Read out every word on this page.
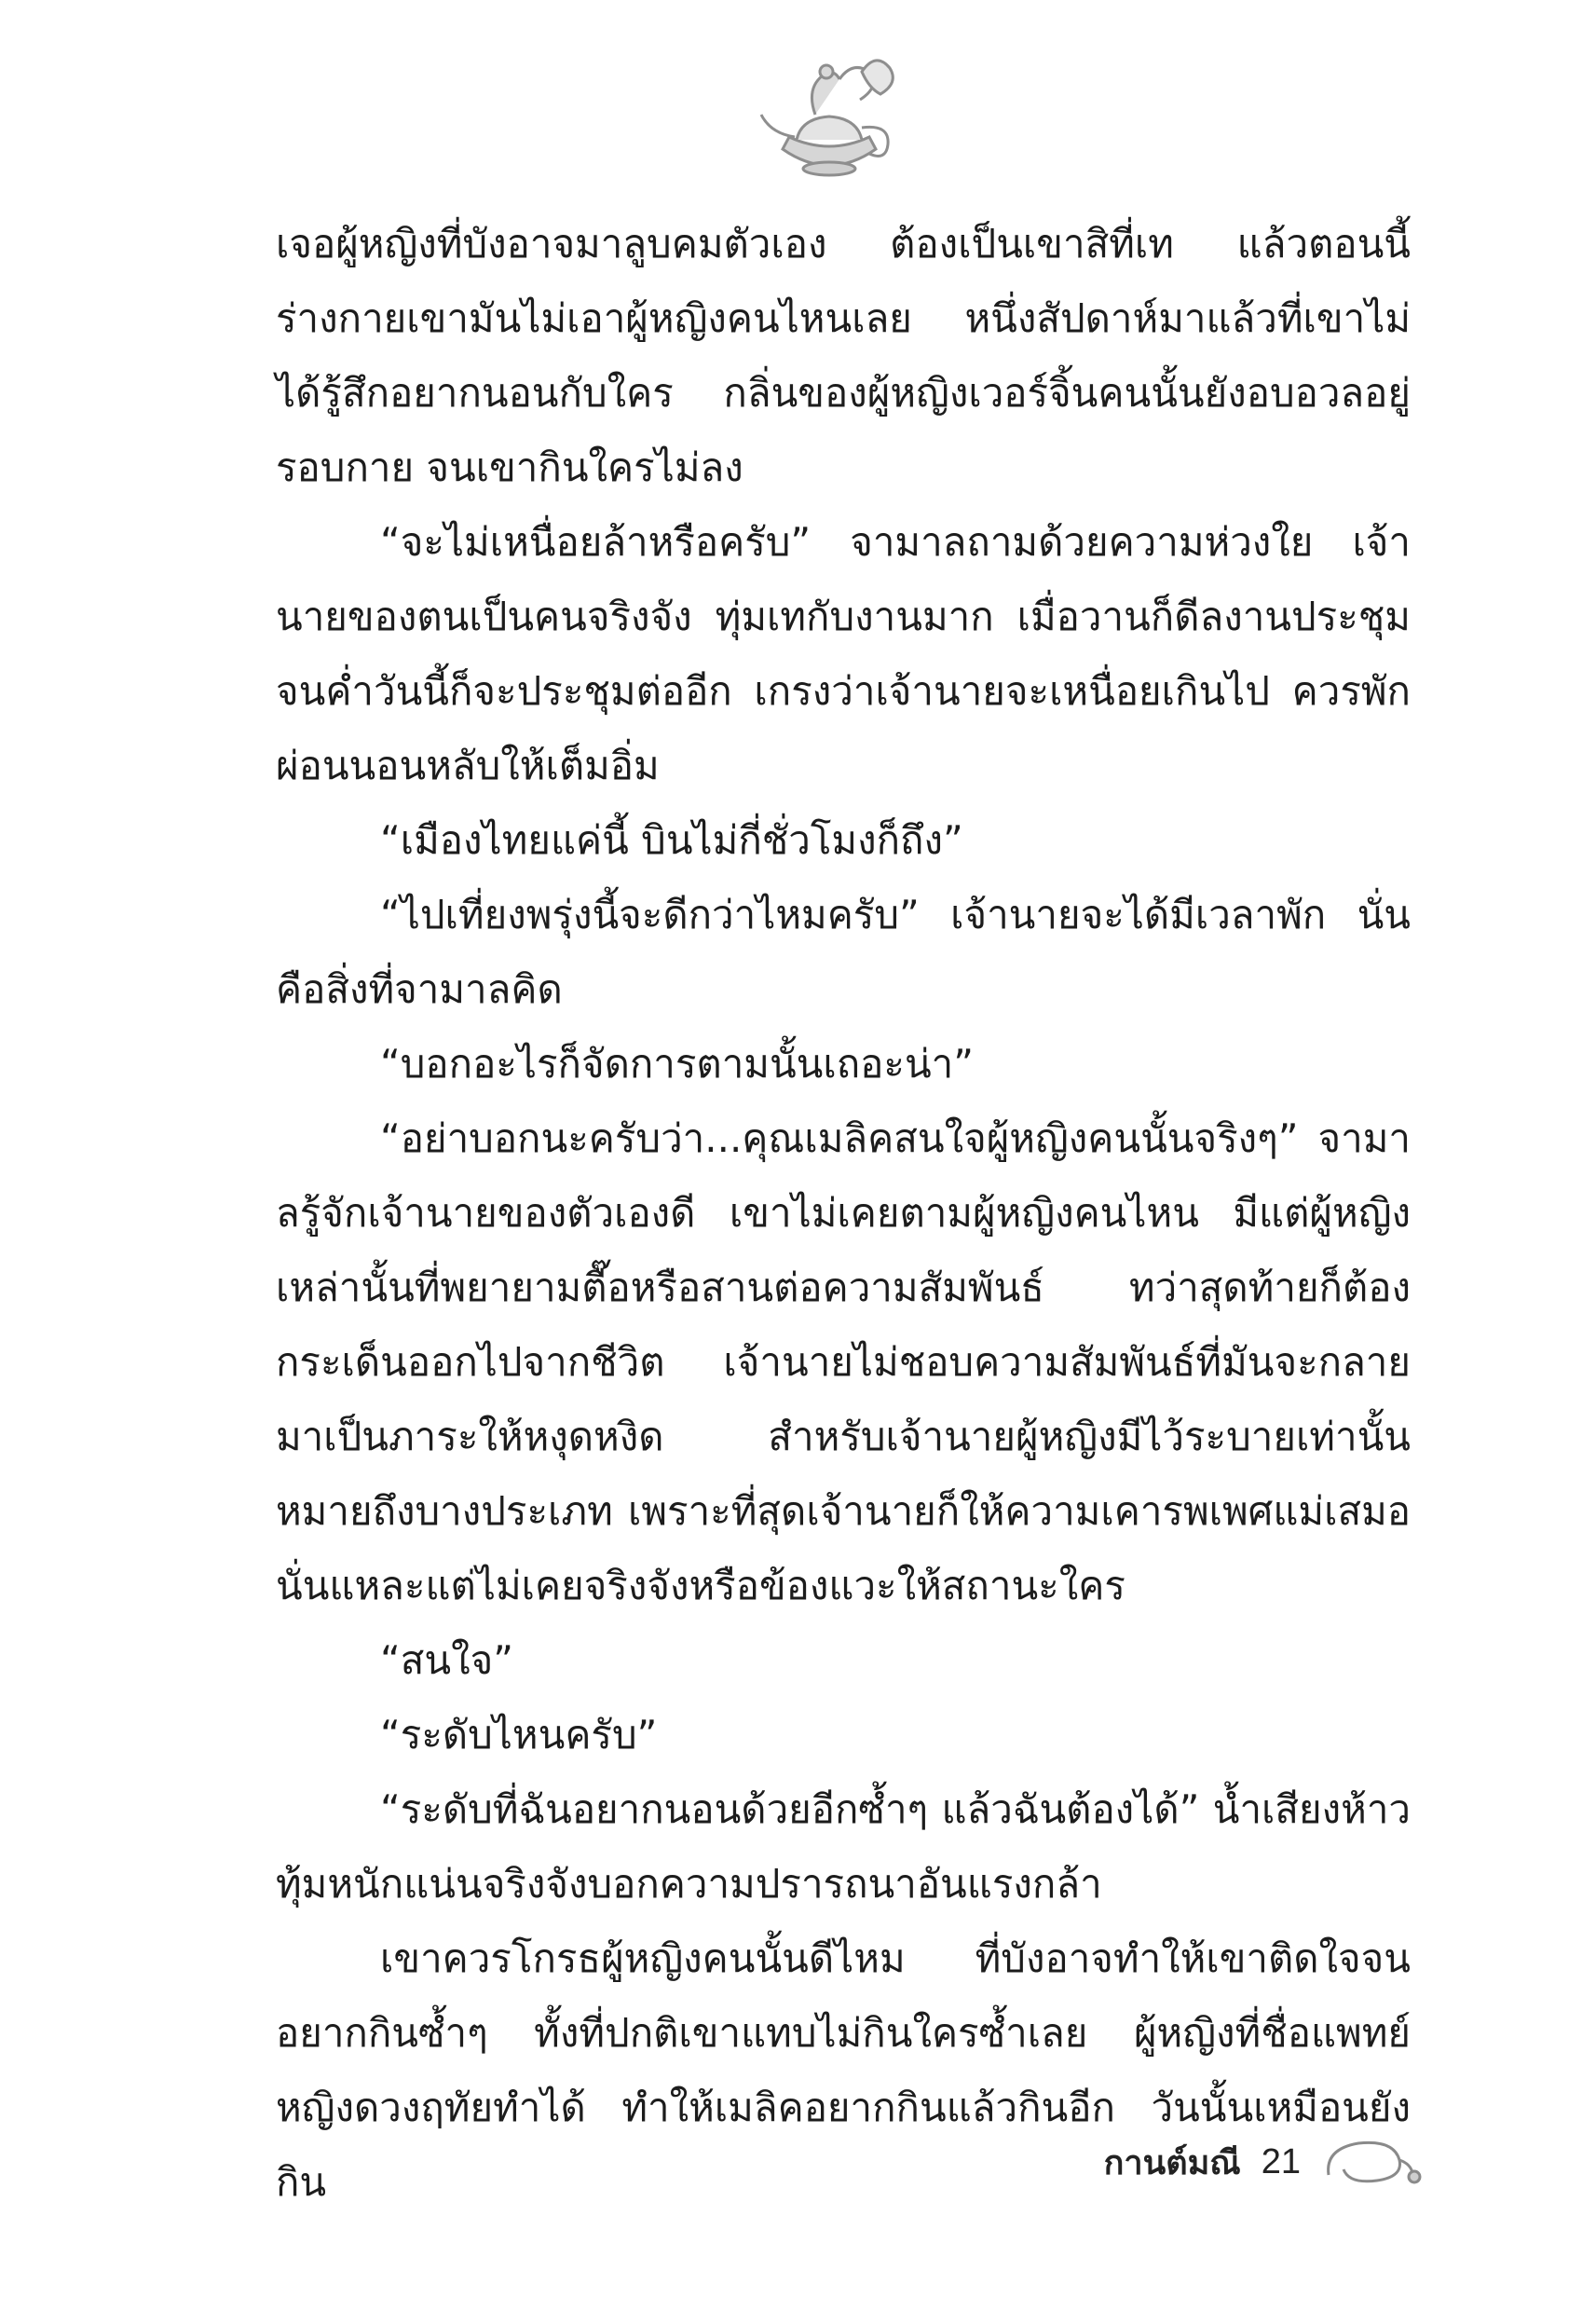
เจอผู้หญิงที่บังอาจมาลูบคมตัวเอง ต้องเป็นเขาสิที่เท แล้วตอนนี้ร่างกายเขามันไม่เอาผู้หญิงคนไหนเลย หนึ่งสัปดาห์มาแล้วที่เขาไม่ได้รู้สึกอยากนอนกับใคร กลิ่นของผู้หญิงเวอร์จิ้นคนนั้นยังอบอวลอยู่รอบกาย จนเขากินใครไม่ลง

“จะไม่เหนื่อยล้าหรือครับ” จามาลถามด้วยความห่วงใย เจ้านายของตนเป็นคนจริงจัง ทุ่มเทกับงานมาก เมื่อวานก็ดีลงานประชุมจนค่ำวันนี้ก็จะประชุมต่ออีก เกรงว่าเจ้านายจะเหนื่อยเกินไป ควรพักผ่อนนอนหลับให้เต็มอิ่ม

“เมืองไทยแค่นี้ บินไม่กี่ชั่วโมงก็ถึง”

“ไปเที่ยงพรุ่งนี้จะดีกว่าไหมครับ” เจ้านายจะได้มีเวลาพัก นั่นคือสิ่งที่จามาลคิด

“บอกอะไรก็จัดการตามนั้นเถอะน่า”

“อย่าบอกนะครับว่า...คุณเมลิคสนใจผู้หญิงคนนั้นจริงๆ” จามาลรู้จักเจ้านายของตัวเองดี เขาไม่เคยตามผู้หญิงคนไหน มีแต่ผู้หญิงเหล่านั้นที่พยายามตื๊อหรือสานต่อความสัมพันธ์ ทว่าสุดท้ายก็ต้องกระเด็นออกไปจากชีวิต เจ้านายไม่ชอบความสัมพันธ์ที่มันจะกลายมาเป็นภาระให้หงุดหงิด สำหรับเจ้านายผู้หญิงมีไว้ระบายเท่านั้น หมายถึงบางประเภท เพราะที่สุดเจ้านายก็ให้ความเคารพเพศแม่เสมอนั่นแหละแต่ไม่เคยจริงจังหรือข้องแวะให้สถานะใคร

“สนใจ”

“ระดับไหนครับ”

“ระดับที่ฉันอยากนอนด้วยอีกซ้ำๆ แล้วฉันต้องได้” น้ำเสียงห้าวทุ้มหนักแน่นจริงจังบอกความปรารถนาอันแรงกล้า

เขาควรโกรธผู้หญิงคนนั้นดีไหม ที่บังอาจทำให้เขาติดใจจนอยากกินซ้ำๆ ทั้งที่ปกติเขาแทบไม่กินใครซ้ำเลย ผู้หญิงที่ชื่อแพทย์หญิงดวงฤทัยทำได้ ทำให้เมลิคอยากกินแล้วกินอีก วันนั้นเหมือนยังกิน	กานต์มณี 21
